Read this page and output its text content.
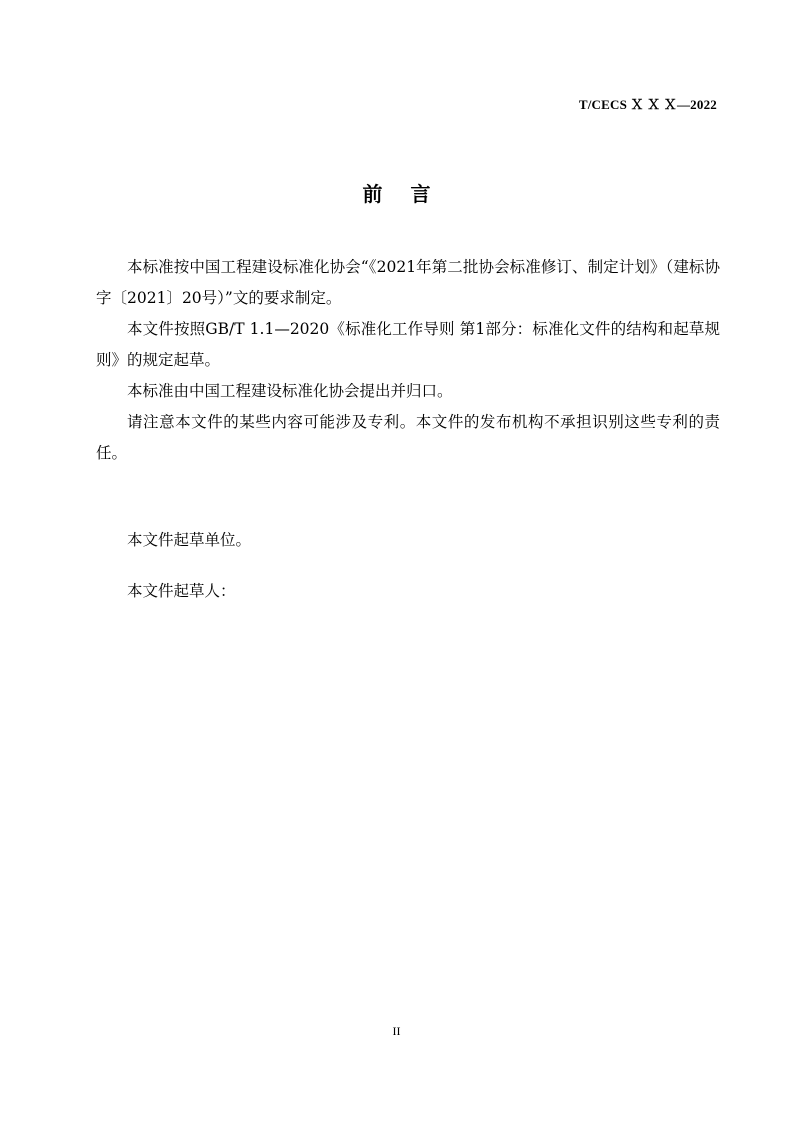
T/CECS Ｘ Ｘ Ｘ—2022
前言

本标准按中国工程建设标准化协会“《2021年第二批协会标准修订、制定计划》（建标协字〔2021〕20号）”文的要求制定。

本文件按照GB/T 1.1—2020《标准化工作导则 第1部分：标准化文件的结构和起草规则》的规定起草。

本标准由中国工程建设标准化协会提出并归口。

请注意本文件的某些内容可能涉及专利。本文件的发布机构不承担识别这些专利的责任。

本文件起草单位。

本文件起草人：

II
